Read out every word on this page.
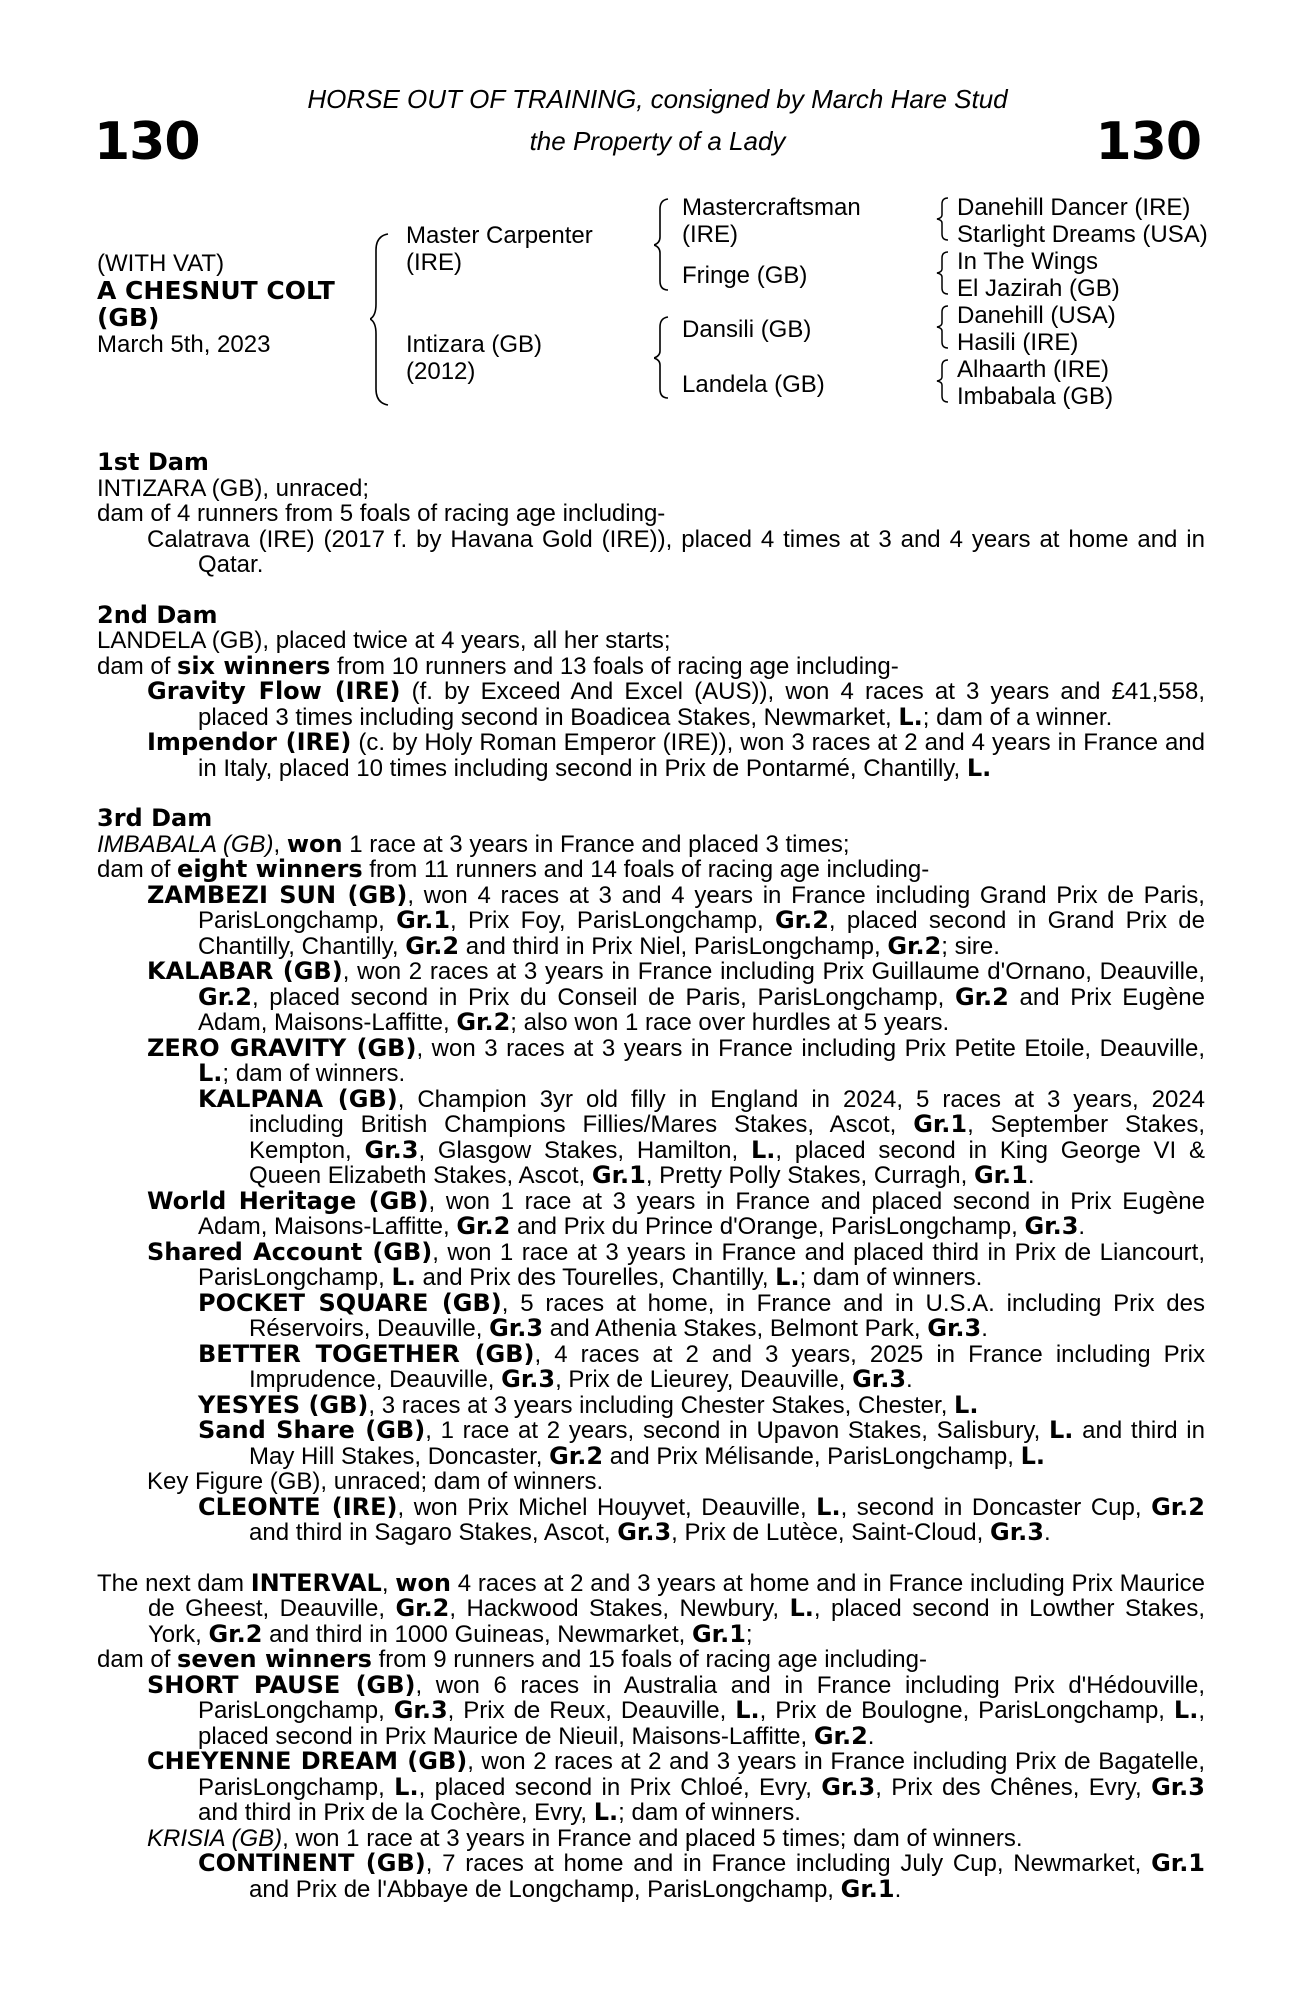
130	130
HORSE OUT OF TRAINING, consigned by March Hare Stud
the Property of a Lady
(WITH VAT)
A CHESNUT COLT
(GB)
March 5th, 2023
Master Carpenter
(IRE)
Intizara (GB)
(2012)
Mastercraftsman
(IRE)
Fringe (GB)
Dansili (GB)
Landela (GB)
Danehill Dancer (IRE)
Starlight Dreams (USA)
In The Wings
El Jazirah (GB)
Danehill (USA)
Hasili (IRE)
Alhaarth (IRE)
Imbabala (GB)

1st Dam

INTIZARA (GB), unraced;

dam of 4 runners from 5 foals of racing age including-

Calatrava (IRE) (2017 f. by Havana Gold (IRE)), placed 4 times at 3 and 4 years at home and in Qatar.

2nd Dam

LANDELA (GB), placed twice at 4 years, all her starts;

dam of six winners from 10 runners and 13 foals of racing age including-

Gravity Flow (IRE) (f. by Exceed And Excel (AUS)), won 4 races at 3 years and £41,558, placed 3 times including second in Boadicea Stakes, Newmarket, L.; dam of a winner.

Impendor (IRE) (c. by Holy Roman Emperor (IRE)), won 3 races at 2 and 4 years in France and in Italy, placed 10 times including second in Prix de Pontarmé, Chantilly, L.

3rd Dam

IMBABALA (GB), won 1 race at 3 years in France and placed 3 times;

dam of eight winners from 11 runners and 14 foals of racing age including-

ZAMBEZI SUN (GB), won 4 races at 3 and 4 years in France including Grand Prix de Paris, ParisLongchamp, Gr.1, Prix Foy, ParisLongchamp, Gr.2, placed second in Grand Prix de Chantilly, Chantilly, Gr.2 and third in Prix Niel, ParisLongchamp, Gr.2; sire.

KALABAR (GB), won 2 races at 3 years in France including Prix Guillaume d'Ornano, Deauville, Gr.2, placed second in Prix du Conseil de Paris, ParisLongchamp, Gr.2 and Prix Eugène Adam, Maisons-Laffitte, Gr.2; also won 1 race over hurdles at 5 years.

ZERO GRAVITY (GB), won 3 races at 3 years in France including Prix Petite Etoile, Deauville, L.; dam of winners.

KALPANA (GB), Champion 3yr old filly in England in 2024, 5 races at 3 years, 2024 including British Champions Fillies/Mares Stakes, Ascot, Gr.1, September Stakes, Kempton, Gr.3, Glasgow Stakes, Hamilton, L., placed second in King George VI & Queen Elizabeth Stakes, Ascot, Gr.1, Pretty Polly Stakes, Curragh, Gr.1.

World Heritage (GB), won 1 race at 3 years in France and placed second in Prix Eugène Adam, Maisons-Laffitte, Gr.2 and Prix du Prince d'Orange, ParisLongchamp, Gr.3.

Shared Account (GB), won 1 race at 3 years in France and placed third in Prix de Liancourt, ParisLongchamp, L. and Prix des Tourelles, Chantilly, L.; dam of winners.

POCKET SQUARE (GB), 5 races at home, in France and in U.S.A. including Prix des Réservoirs, Deauville, Gr.3 and Athenia Stakes, Belmont Park, Gr.3.

BETTER TOGETHER (GB), 4 races at 2 and 3 years, 2025 in France including Prix Imprudence, Deauville, Gr.3, Prix de Lieurey, Deauville, Gr.3.

YESYES (GB), 3 races at 3 years including Chester Stakes, Chester, L.

Sand Share (GB), 1 race at 2 years, second in Upavon Stakes, Salisbury, L. and third in May Hill Stakes, Doncaster, Gr.2 and Prix Mélisande, ParisLongchamp, L.

Key Figure (GB), unraced; dam of winners.

CLEONTE (IRE), won Prix Michel Houyvet, Deauville, L., second in Doncaster Cup, Gr.2 and third in Sagaro Stakes, Ascot, Gr.3, Prix de Lutèce, Saint-Cloud, Gr.3.

The next dam INTERVAL, won 4 races at 2 and 3 years at home and in France including Prix Maurice de Gheest, Deauville, Gr.2, Hackwood Stakes, Newbury, L., placed second in Lowther Stakes, York, Gr.2 and third in 1000 Guineas, Newmarket, Gr.1;

dam of seven winners from 9 runners and 15 foals of racing age including-

SHORT PAUSE (GB), won 6 races in Australia and in France including Prix d'Hédouville, ParisLongchamp, Gr.3, Prix de Reux, Deauville, L., Prix de Boulogne, ParisLongchamp, L., placed second in Prix Maurice de Nieuil, Maisons-Laffitte, Gr.2.

CHEYENNE DREAM (GB), won 2 races at 2 and 3 years in France including Prix de Bagatelle, ParisLongchamp, L., placed second in Prix Chloé, Evry, Gr.3, Prix des Chênes, Evry, Gr.3 and third in Prix de la Cochère, Evry, L.; dam of winners.

KRISIA (GB), won 1 race at 3 years in France and placed 5 times; dam of winners.

CONTINENT (GB), 7 races at home and in France including July Cup, Newmarket, Gr.1 and Prix de l'Abbaye de Longchamp, ParisLongchamp, Gr.1.
